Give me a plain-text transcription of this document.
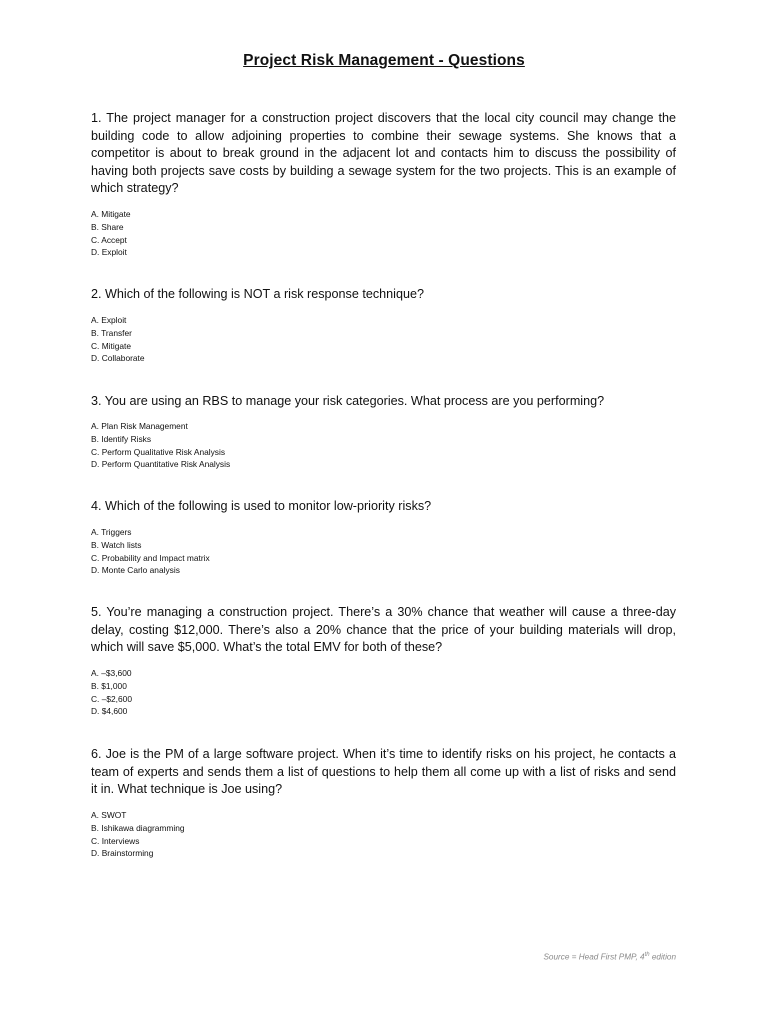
Project Risk Management - Questions
1. The project manager for a construction project discovers that the local city council may change the building code to allow adjoining properties to combine their sewage systems. She knows that a competitor is about to break ground in the adjacent lot and contacts him to discuss the possibility of having both projects save costs by building a sewage system for the two projects. This is an example of which strategy?
A. Mitigate
B. Share
C. Accept
D. Exploit
2. Which of the following is NOT a risk response technique?
A. Exploit
B. Transfer
C. Mitigate
D. Collaborate
3. You are using an RBS to manage your risk categories. What process are you performing?
A. Plan Risk Management
B. Identify Risks
C. Perform Qualitative Risk Analysis
D. Perform Quantitative Risk Analysis
4. Which of the following is used to monitor low-priority risks?
A. Triggers
B. Watch lists
C. Probability and Impact matrix
D. Monte Carlo analysis
5. You’re managing a construction project. There’s a 30% chance that weather will cause a three-day delay, costing $12,000. There’s also a 20% chance that the price of your building materials will drop, which will save $5,000. What’s the total EMV for both of these?
A. –$3,600
B. $1,000
C. –$2,600
D. $4,600
6. Joe is the PM of a large software project. When it’s time to identify risks on his project, he contacts a team of experts and sends them a list of questions to help them all come up with a list of risks and send it in. What technique is Joe using?
A. SWOT
B. Ishikawa diagramming
C. Interviews
D. Brainstorming
Source = Head First PMP, 4th edition
